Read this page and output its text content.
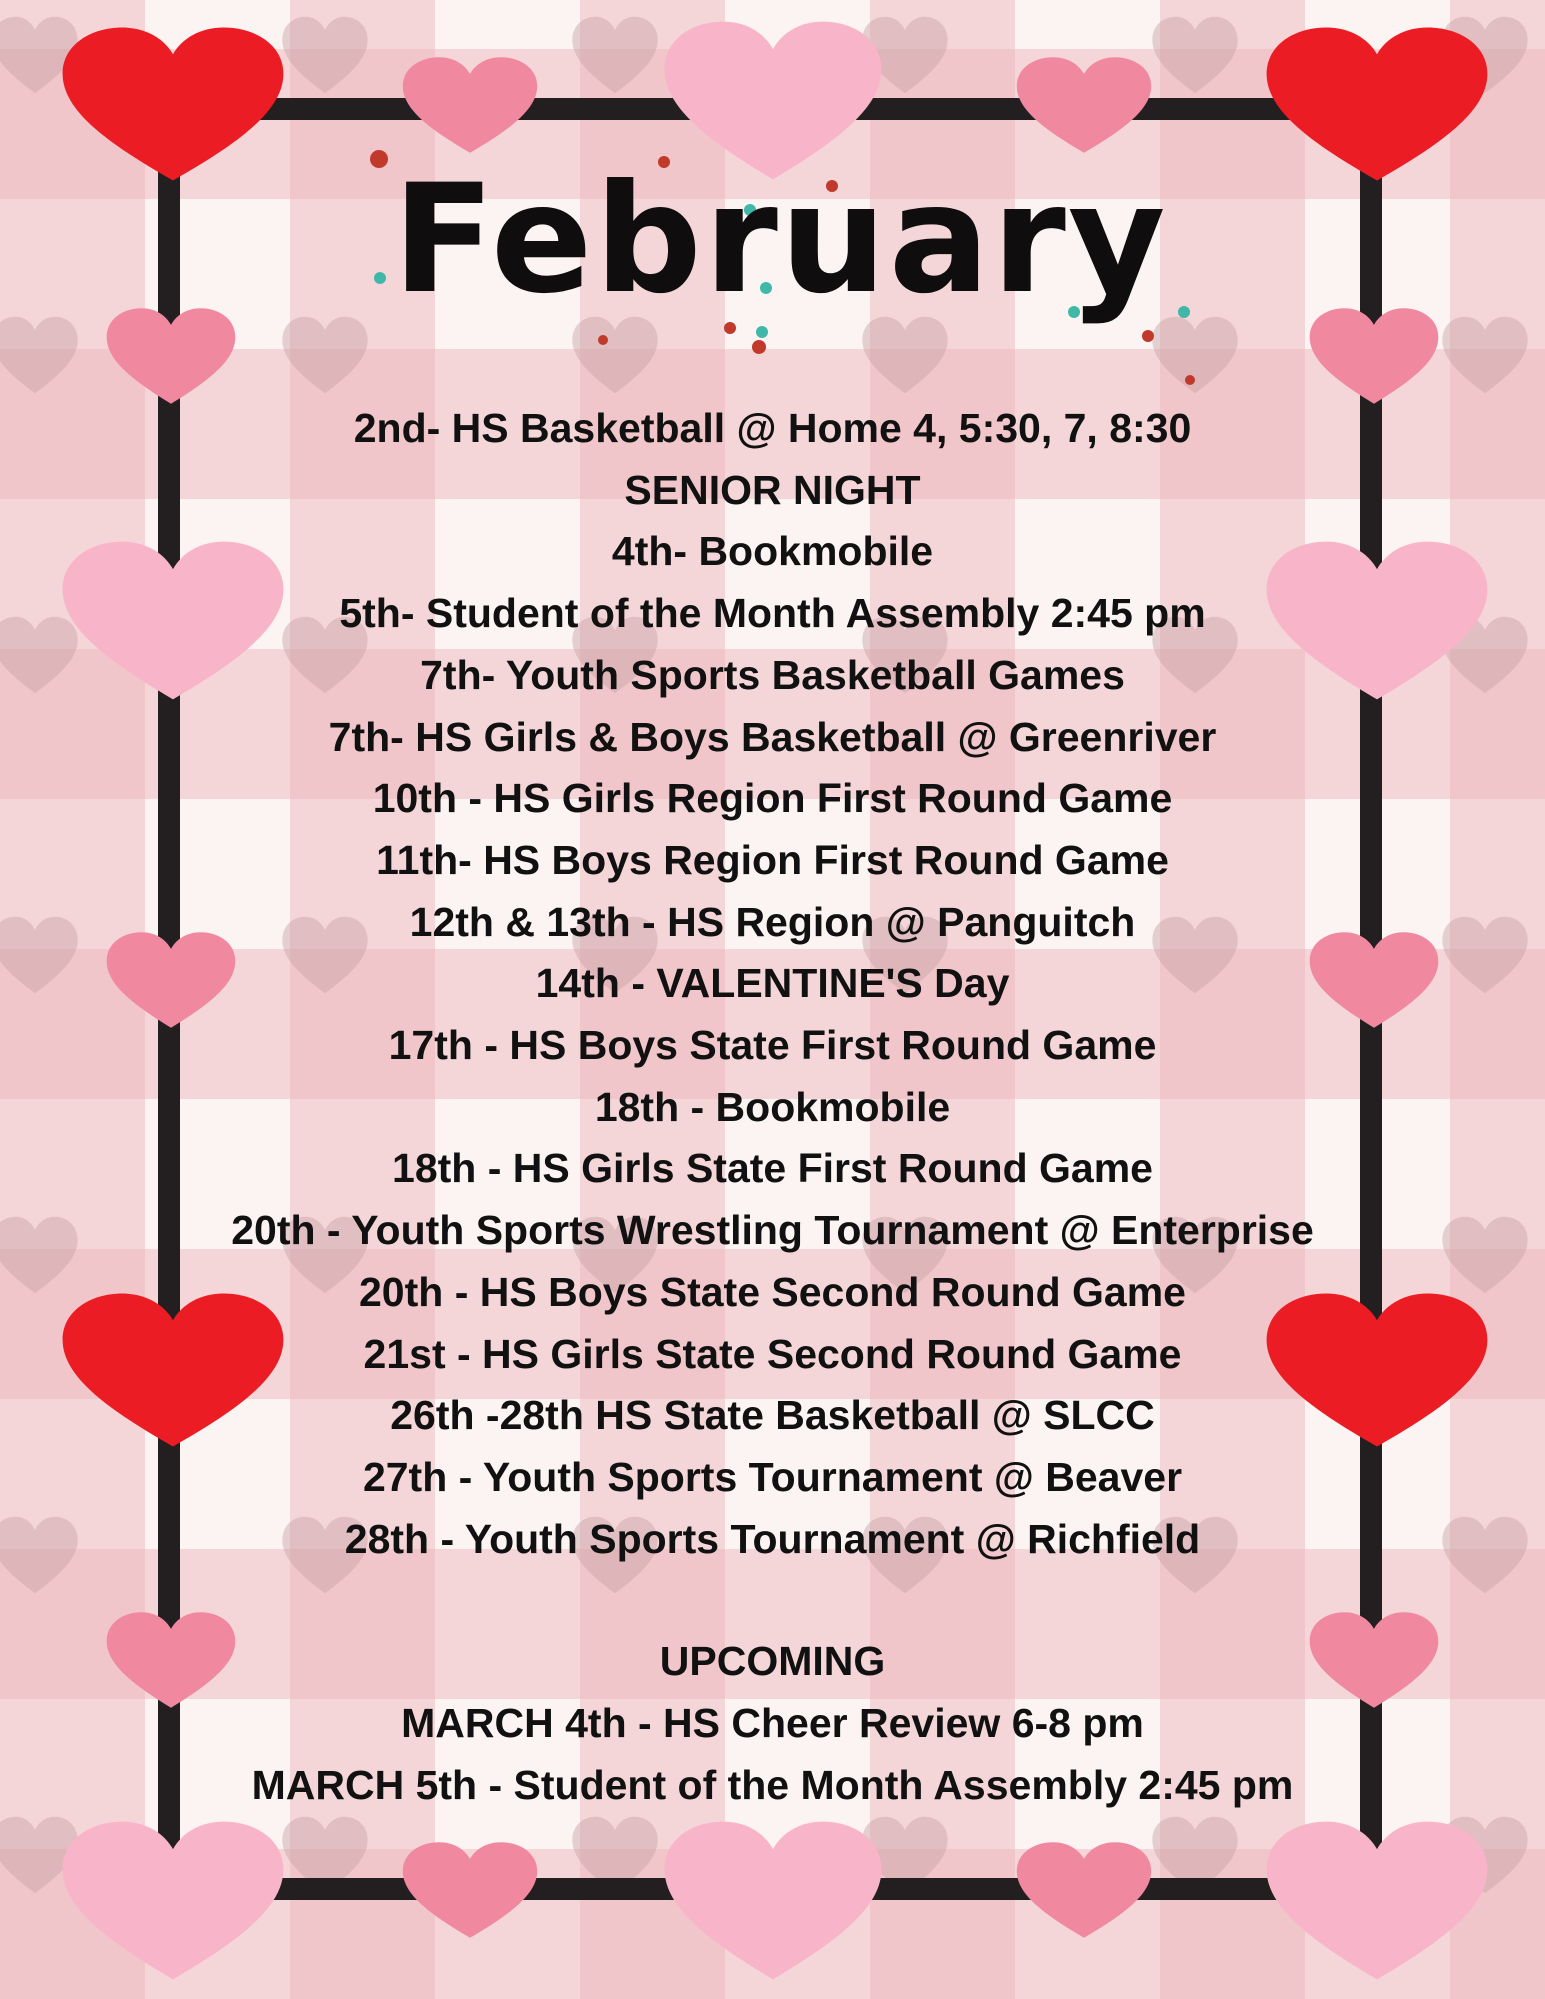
February
2nd- HS Basketball @ Home 4, 5:30, 7, 8:30
SENIOR NIGHT
4th- Bookmobile
5th- Student of the Month Assembly 2:45 pm
7th- Youth Sports Basketball Games
7th- HS Girls & Boys Basketball @ Greenriver
10th - HS Girls Region First Round Game
11th- HS Boys Region First Round Game
12th & 13th - HS Region @ Panguitch
14th - VALENTINE'S Day
17th - HS Boys State First Round Game
18th - Bookmobile
18th - HS Girls State First Round Game
20th - Youth Sports Wrestling Tournament @ Enterprise
20th - HS Boys State Second Round Game
21st - HS Girls State Second Round Game
26th -28th HS State Basketball @ SLCC
27th - Youth Sports Tournament @ Beaver
28th - Youth Sports Tournament @ Richfield
UPCOMING
MARCH 4th - HS Cheer Review 6-8 pm
MARCH 5th - Student of the Month Assembly 2:45 pm
